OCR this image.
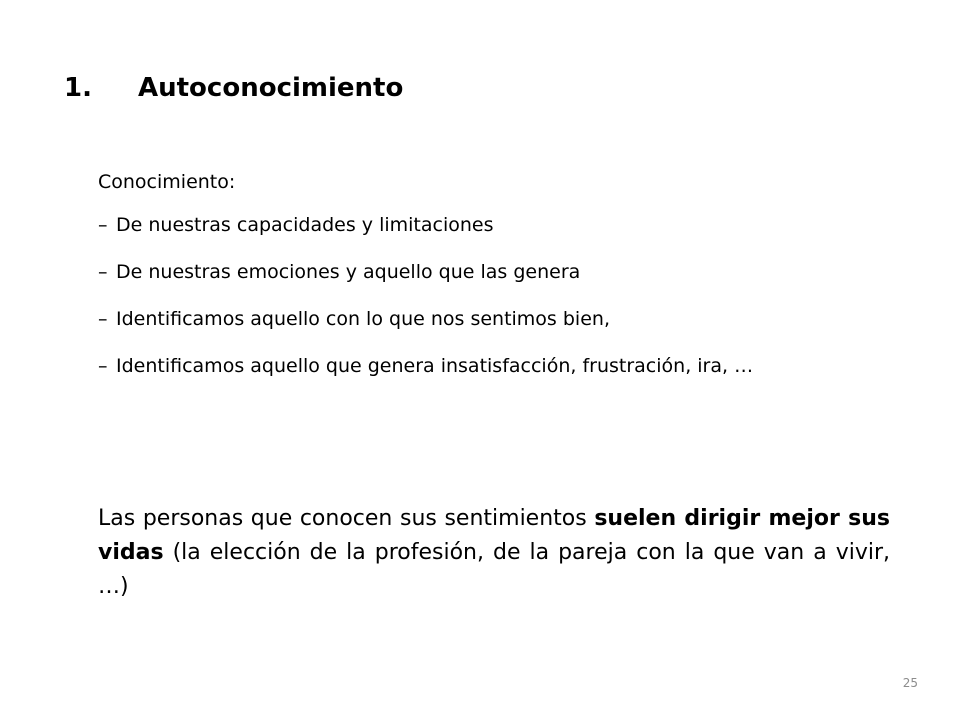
1.	Autoconocimiento
Conocimiento:
– De nuestras capacidades y limitaciones
– De nuestras emociones y aquello que las genera
– Identificamos aquello con lo que nos sentimos bien,
– Identificamos aquello que genera insatisfacción, frustración, ira, …

Las personas que conocen sus sentimientos suelen dirigir mejor sus vidas (la elección de la profesión, de la pareja con la que van a vivir, …)

25
